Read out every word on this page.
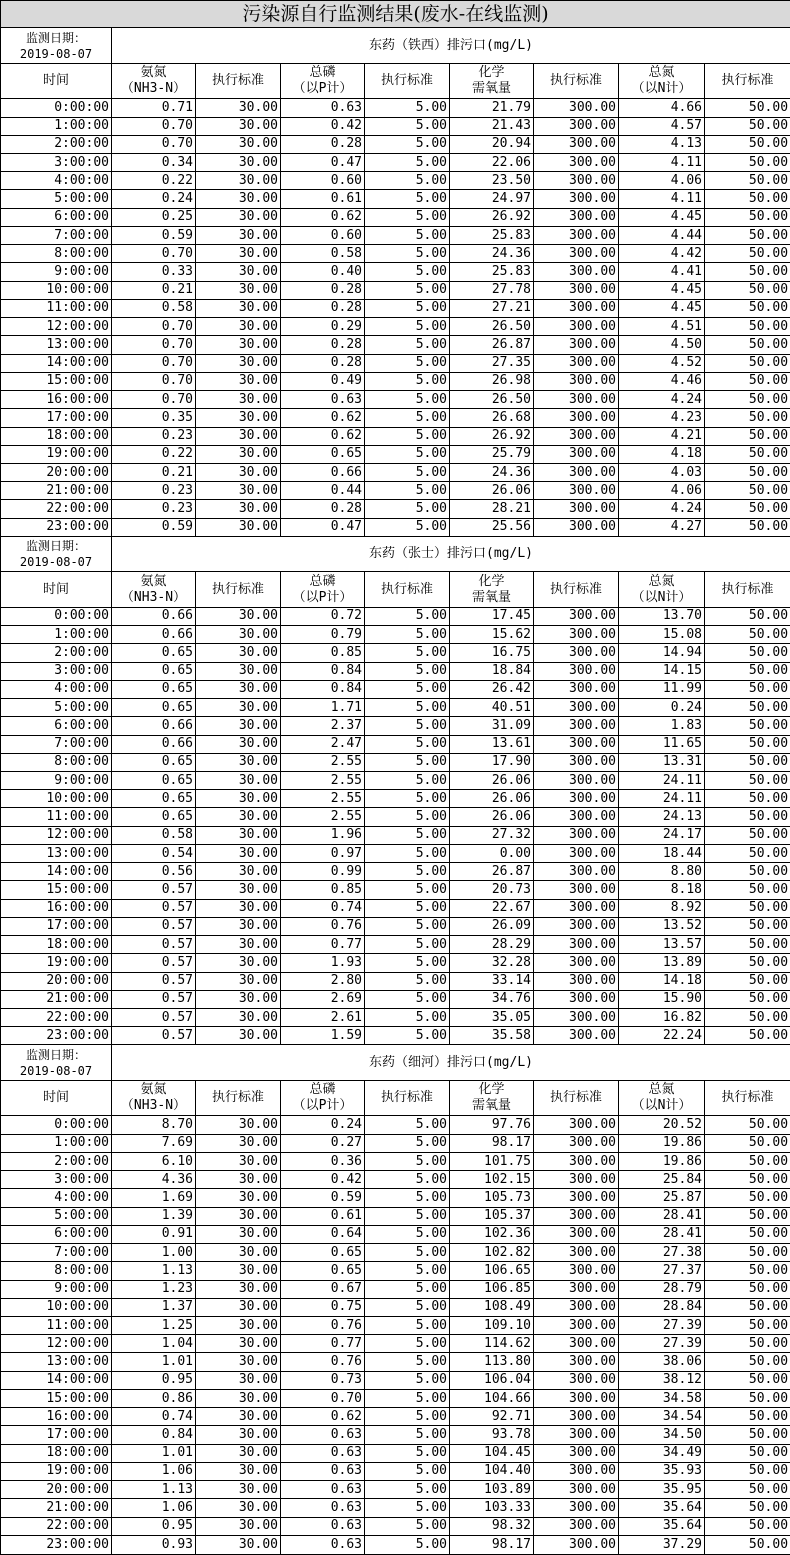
污染源自行监测结果(废水-在线监测)								

监测日期：
2019-08-07	东药（铁西）排污口(mg/L)							

时间	氨氮
（NH3-N）	执行标准	总磷
（以P计）	执行标准	化学
需氧量	执行标准	总氮
（以N计）	执行标准

0:00:00	0.71	30.00	0.63	5.00	21.79	300.00	4.66	50.00
1:00:00	0.70	30.00	0.42	5.00	21.43	300.00	4.57	50.00
2:00:00	0.70	30.00	0.28	5.00	20.94	300.00	4.13	50.00
3:00:00	0.34	30.00	0.47	5.00	22.06	300.00	4.11	50.00
4:00:00	0.22	30.00	0.60	5.00	23.50	300.00	4.06	50.00
5:00:00	0.24	30.00	0.61	5.00	24.97	300.00	4.11	50.00
6:00:00	0.25	30.00	0.62	5.00	26.92	300.00	4.45	50.00
7:00:00	0.59	30.00	0.60	5.00	25.83	300.00	4.44	50.00
8:00:00	0.70	30.00	0.58	5.00	24.36	300.00	4.42	50.00
9:00:00	0.33	30.00	0.40	5.00	25.83	300.00	4.41	50.00
10:00:00	0.21	30.00	0.28	5.00	27.78	300.00	4.45	50.00
11:00:00	0.58	30.00	0.28	5.00	27.21	300.00	4.45	50.00
12:00:00	0.70	30.00	0.29	5.00	26.50	300.00	4.51	50.00
13:00:00	0.70	30.00	0.28	5.00	26.87	300.00	4.50	50.00
14:00:00	0.70	30.00	0.28	5.00	27.35	300.00	4.52	50.00
15:00:00	0.70	30.00	0.49	5.00	26.98	300.00	4.46	50.00
16:00:00	0.70	30.00	0.63	5.00	26.50	300.00	4.24	50.00
17:00:00	0.35	30.00	0.62	5.00	26.68	300.00	4.23	50.00
18:00:00	0.23	30.00	0.62	5.00	26.92	300.00	4.21	50.00
19:00:00	0.22	30.00	0.65	5.00	25.79	300.00	4.18	50.00
20:00:00	0.21	30.00	0.66	5.00	24.36	300.00	4.03	50.00
21:00:00	0.23	30.00	0.44	5.00	26.06	300.00	4.06	50.00
22:00:00	0.23	30.00	0.28	5.00	28.21	300.00	4.24	50.00
23:00:00	0.59	30.00	0.47	5.00	25.56	300.00	4.27	50.00

监测日期：
2019-08-07	东药（张士）排污口(mg/L)							

时间	氨氮
（NH3-N）	执行标准	总磷
（以P计）	执行标准	化学
需氧量	执行标准	总氮
（以N计）	执行标准

0:00:00	0.66	30.00	0.72	5.00	17.45	300.00	13.70	50.00
1:00:00	0.66	30.00	0.79	5.00	15.62	300.00	15.08	50.00
2:00:00	0.65	30.00	0.85	5.00	16.75	300.00	14.94	50.00
3:00:00	0.65	30.00	0.84	5.00	18.84	300.00	14.15	50.00
4:00:00	0.65	30.00	0.84	5.00	26.42	300.00	11.99	50.00
5:00:00	0.65	30.00	1.71	5.00	40.51	300.00	0.24	50.00
6:00:00	0.66	30.00	2.37	5.00	31.09	300.00	1.83	50.00
7:00:00	0.66	30.00	2.47	5.00	13.61	300.00	11.65	50.00
8:00:00	0.65	30.00	2.55	5.00	17.90	300.00	13.31	50.00
9:00:00	0.65	30.00	2.55	5.00	26.06	300.00	24.11	50.00
10:00:00	0.65	30.00	2.55	5.00	26.06	300.00	24.11	50.00
11:00:00	0.65	30.00	2.55	5.00	26.06	300.00	24.13	50.00
12:00:00	0.58	30.00	1.96	5.00	27.32	300.00	24.17	50.00
13:00:00	0.54	30.00	0.97	5.00	0.00	300.00	18.44	50.00
14:00:00	0.56	30.00	0.99	5.00	26.87	300.00	8.80	50.00
15:00:00	0.57	30.00	0.85	5.00	20.73	300.00	8.18	50.00
16:00:00	0.57	30.00	0.74	5.00	22.67	300.00	8.92	50.00
17:00:00	0.57	30.00	0.76	5.00	26.09	300.00	13.52	50.00
18:00:00	0.57	30.00	0.77	5.00	28.29	300.00	13.57	50.00
19:00:00	0.57	30.00	1.93	5.00	32.28	300.00	13.89	50.00
20:00:00	0.57	30.00	2.80	5.00	33.14	300.00	14.18	50.00
21:00:00	0.57	30.00	2.69	5.00	34.76	300.00	15.90	50.00
22:00:00	0.57	30.00	2.61	5.00	35.05	300.00	16.82	50.00
23:00:00	0.57	30.00	1.59	5.00	35.58	300.00	22.24	50.00

监测日期：
2019-08-07	东药（细河）排污口(mg/L)							

时间	氨氮
（NH3-N）	执行标准	总磷
（以P计）	执行标准	化学
需氧量	执行标准	总氮
（以N计）	执行标准

0:00:00	8.70	30.00	0.24	5.00	97.76	300.00	20.52	50.00
1:00:00	7.69	30.00	0.27	5.00	98.17	300.00	19.86	50.00
2:00:00	6.10	30.00	0.36	5.00	101.75	300.00	19.86	50.00
3:00:00	4.36	30.00	0.42	5.00	102.15	300.00	25.84	50.00
4:00:00	1.69	30.00	0.59	5.00	105.73	300.00	25.87	50.00
5:00:00	1.39	30.00	0.61	5.00	105.37	300.00	28.41	50.00
6:00:00	0.91	30.00	0.64	5.00	102.36	300.00	28.41	50.00
7:00:00	1.00	30.00	0.65	5.00	102.82	300.00	27.38	50.00
8:00:00	1.13	30.00	0.65	5.00	106.65	300.00	27.37	50.00
9:00:00	1.23	30.00	0.67	5.00	106.85	300.00	28.79	50.00
10:00:00	1.37	30.00	0.75	5.00	108.49	300.00	28.84	50.00
11:00:00	1.25	30.00	0.76	5.00	109.10	300.00	27.39	50.00
12:00:00	1.04	30.00	0.77	5.00	114.62	300.00	27.39	50.00
13:00:00	1.01	30.00	0.76	5.00	113.80	300.00	38.06	50.00
14:00:00	0.95	30.00	0.73	5.00	106.04	300.00	38.12	50.00
15:00:00	0.86	30.00	0.70	5.00	104.66	300.00	34.58	50.00
16:00:00	0.74	30.00	0.62	5.00	92.71	300.00	34.54	50.00
17:00:00	0.84	30.00	0.63	5.00	93.78	300.00	34.50	50.00
18:00:00	1.01	30.00	0.63	5.00	104.45	300.00	34.49	50.00
19:00:00	1.06	30.00	0.63	5.00	104.40	300.00	35.93	50.00
20:00:00	1.13	30.00	0.63	5.00	103.89	300.00	35.95	50.00
21:00:00	1.06	30.00	0.63	5.00	103.33	300.00	35.64	50.00
22:00:00	0.95	30.00	0.63	5.00	98.32	300.00	35.64	50.00
23:00:00	0.93	30.00	0.63	5.00	98.17	300.00	37.29	50.00
